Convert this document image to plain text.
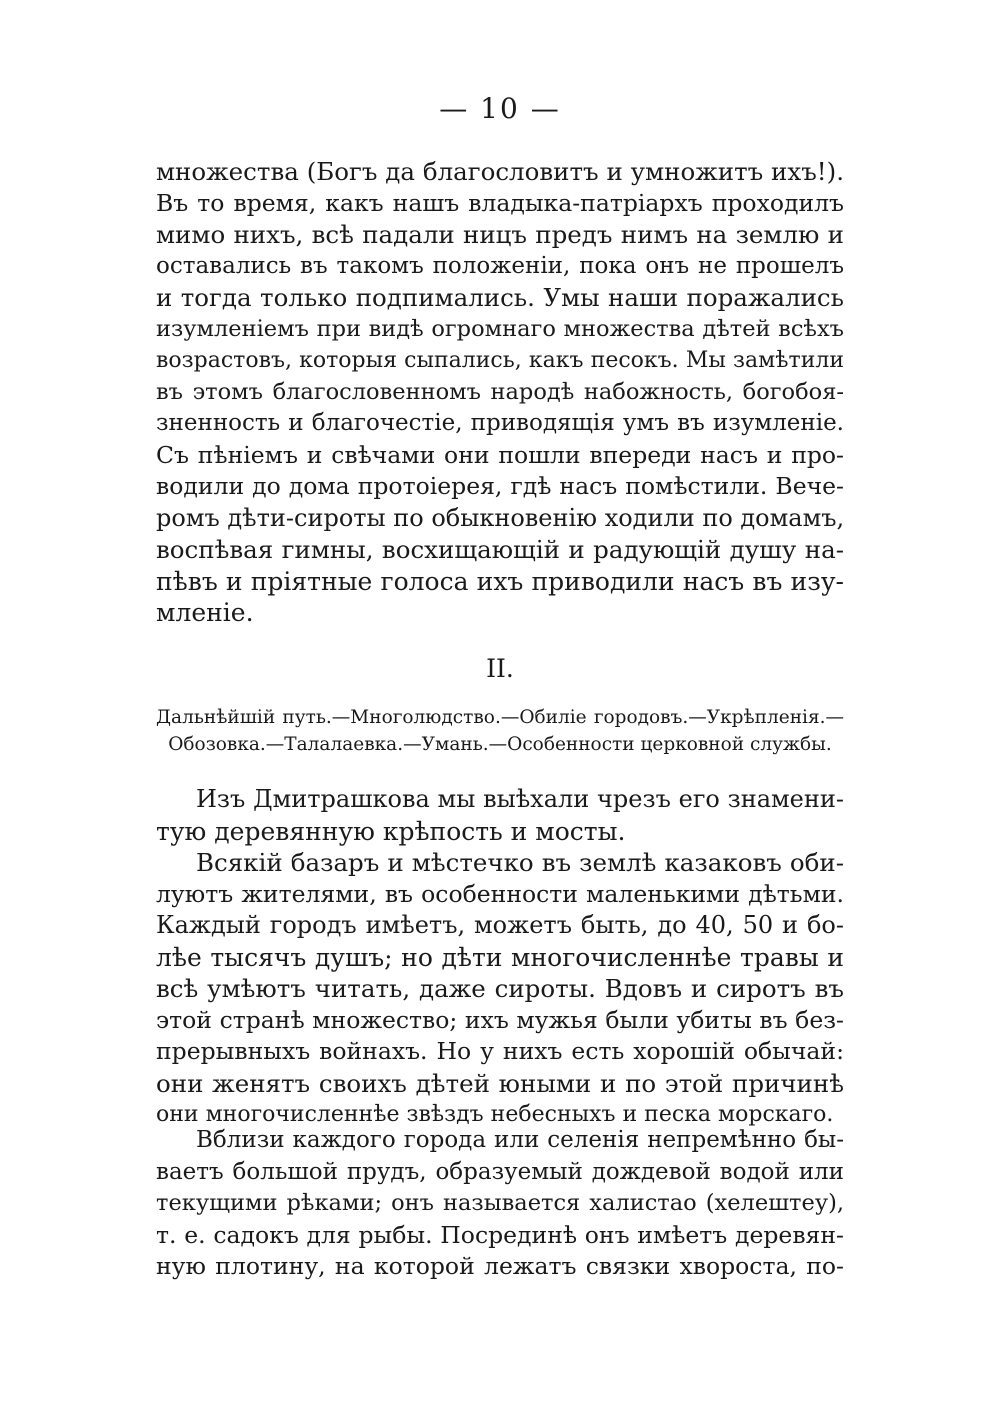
— 10 —
множества (Богъ да благословитъ и умножитъ ихъ!).
Въ то время, какъ нашъ владыка-патріархъ проходилъ
мимо нихъ, всѣ падали ницъ предъ нимъ на землю и
оставались въ такомъ положеніи, пока онъ не прошелъ
и тогда только подпимались. Умы наши поражались
изумленіемъ при видѣ огромнаго множества дѣтей всѣхъ
возрастовъ, которыя сыпались, какъ песокъ. Мы замѣтили
въ этомъ благословенномъ народѣ набожность, богобоя-
зненность и благочестіе, приводящія умъ въ изумленіе.
Съ пѣніемъ и свѣчами они пошли впереди насъ и про-
водили до дома протоіерея, гдѣ насъ помѣстили. Вече-
ромъ дѣти-сироты по обыкновенію ходили по домамъ,
воспѣвая гимны, восхищающій и радующій душу на-
пѣвъ и пріятные голоса ихъ приводили насъ въ изу-
мленіе.
II.
Дальнѣйшій путь.—Многолюдство.—Обиліе городовъ.—Укрѣпленія.—
Обозовка.—Талалаевка.—Умань.—Особенности церковной службы.
Изъ Дмитрашкова мы выѣхали чрезъ его знамени-
тую деревянную крѣпость и мосты.
Всякій базаръ и мѣстечко въ землѣ казаковъ оби-
луютъ жителями, въ особенности маленькими дѣтьми.
Каждый городъ имѣетъ, можетъ быть, до 40, 50 и бо-
лѣе тысячъ душъ; но дѣти многочисленнѣе травы и
всѣ умѣютъ читать, даже сироты. Вдовъ и сиротъ въ
этой странѣ множество; ихъ мужья были убиты въ без-
прерывныхъ войнахъ. Но у нихъ есть хорошій обычай:
они женятъ своихъ дѣтей юными и по этой причинѣ
они многочисленнѣе звѣздъ небесныхъ и песка морскаго.
Вблизи каждого города или селенія непремѣнно бы-
ваетъ большой прудъ, образуемый дождевой водой или
текущими рѣками; онъ называется халистао (хелештеу),
т. е. садокъ для рыбы. Посрединѣ онъ имѣетъ деревян-
ную плотину, на которой лежатъ связки хвороста, по-
